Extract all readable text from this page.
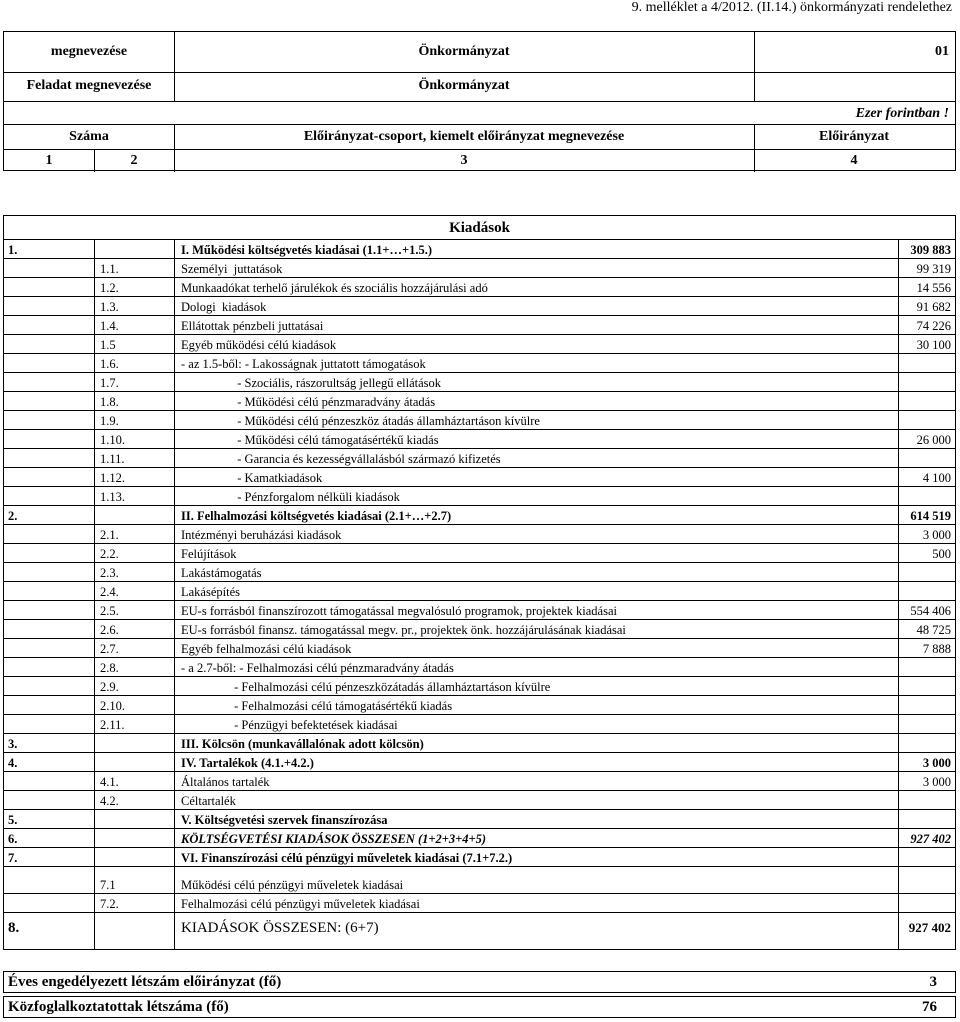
9. melléklet a 4/2012. (II.14.) önkormányzati rendelethez
megnevezése	Önkormányzat	01
Feladat megnevezése	Önkormányzat
Ezer forintban !
Száma	Előirányzat-csoport, kiemelt előirányzat megnevezése	Előirányzat
1	2	3	4
Kiadások
1.	I. Működési költségvetés kiadásai (1.1+…+1.5.)	309 883
1.1.	Személyi  juttatások	99 319
1.2.	Munkaadókat terhelő járulékok és szociális hozzájárulási adó	14 556
1.3.	Dologi  kiadások	91 682
1.4.	Ellátottak pénzbeli juttatásai	74 226
1.5	Egyéb működési célú kiadások	30 100
1.6.	- az 1.5-ből: - Lakosságnak juttatott támogatások
1.7.	- Szociális, rászorultság jellegű ellátások
1.8.	- Működési célú pénzmaradvány átadás
1.9.	- Működési célú pénzeszköz átadás államháztartáson kívülre
1.10.	- Működési célú támogatásértékű kiadás	26 000
1.11.	- Garancia és kezességvállalásból származó kifizetés
1.12.	- Kamatkiadások	4 100
1.13.	- Pénzforgalom nélküli kiadások
2.	II. Felhalmozási költségvetés kiadásai (2.1+…+2.7)	614 519
2.1.	Intézményi beruházási kiadások	3 000
2.2.	Felújítások	500
2.3.	Lakástámogatás
2.4.	Lakásépítés
2.5.	EU-s forrásból finanszírozott támogatással megvalósuló programok, projektek kiadásai	554 406
2.6.	EU-s forrásból finansz. támogatással megv. pr., projektek önk. hozzájárulásának kiadásai	48 725
2.7.	Egyéb felhalmozási célú kiadások	7 888
2.8.	- a 2.7-ből: - Felhalmozási célú pénzmaradvány átadás
2.9.	- Felhalmozási célú pénzeszközátadás államháztartáson kívülre
2.10.	- Felhalmozási célú támogatásértékű kiadás
2.11.	- Pénzügyi befektetések kiadásai
3.	III. Kölcsön (munkavállalónak adott kölcsön)
4.	IV. Tartalékok (4.1.+4.2.)	3 000
4.1.	Általános tartalék	3 000
4.2.	Céltartalék
5.	V. Költségvetési szervek finanszírozása
6.	KÖLTSÉGVETÉSI KIADÁSOK ÖSSZESEN (1+2+3+4+5)	927 402
7.	VI. Finanszírozási célú pénzügyi műveletek kiadásai (7.1+7.2.)
7.1	Működési célú pénzügyi műveletek kiadásai
7.2.	Felhalmozási célú pénzügyi műveletek kiadásai
8.	KIADÁSOK ÖSSZESEN: (6+7)	927 402
Éves engedélyezett létszám előirányzat (fő)	3
Közfoglalkoztatottak létszáma (fő)	76
